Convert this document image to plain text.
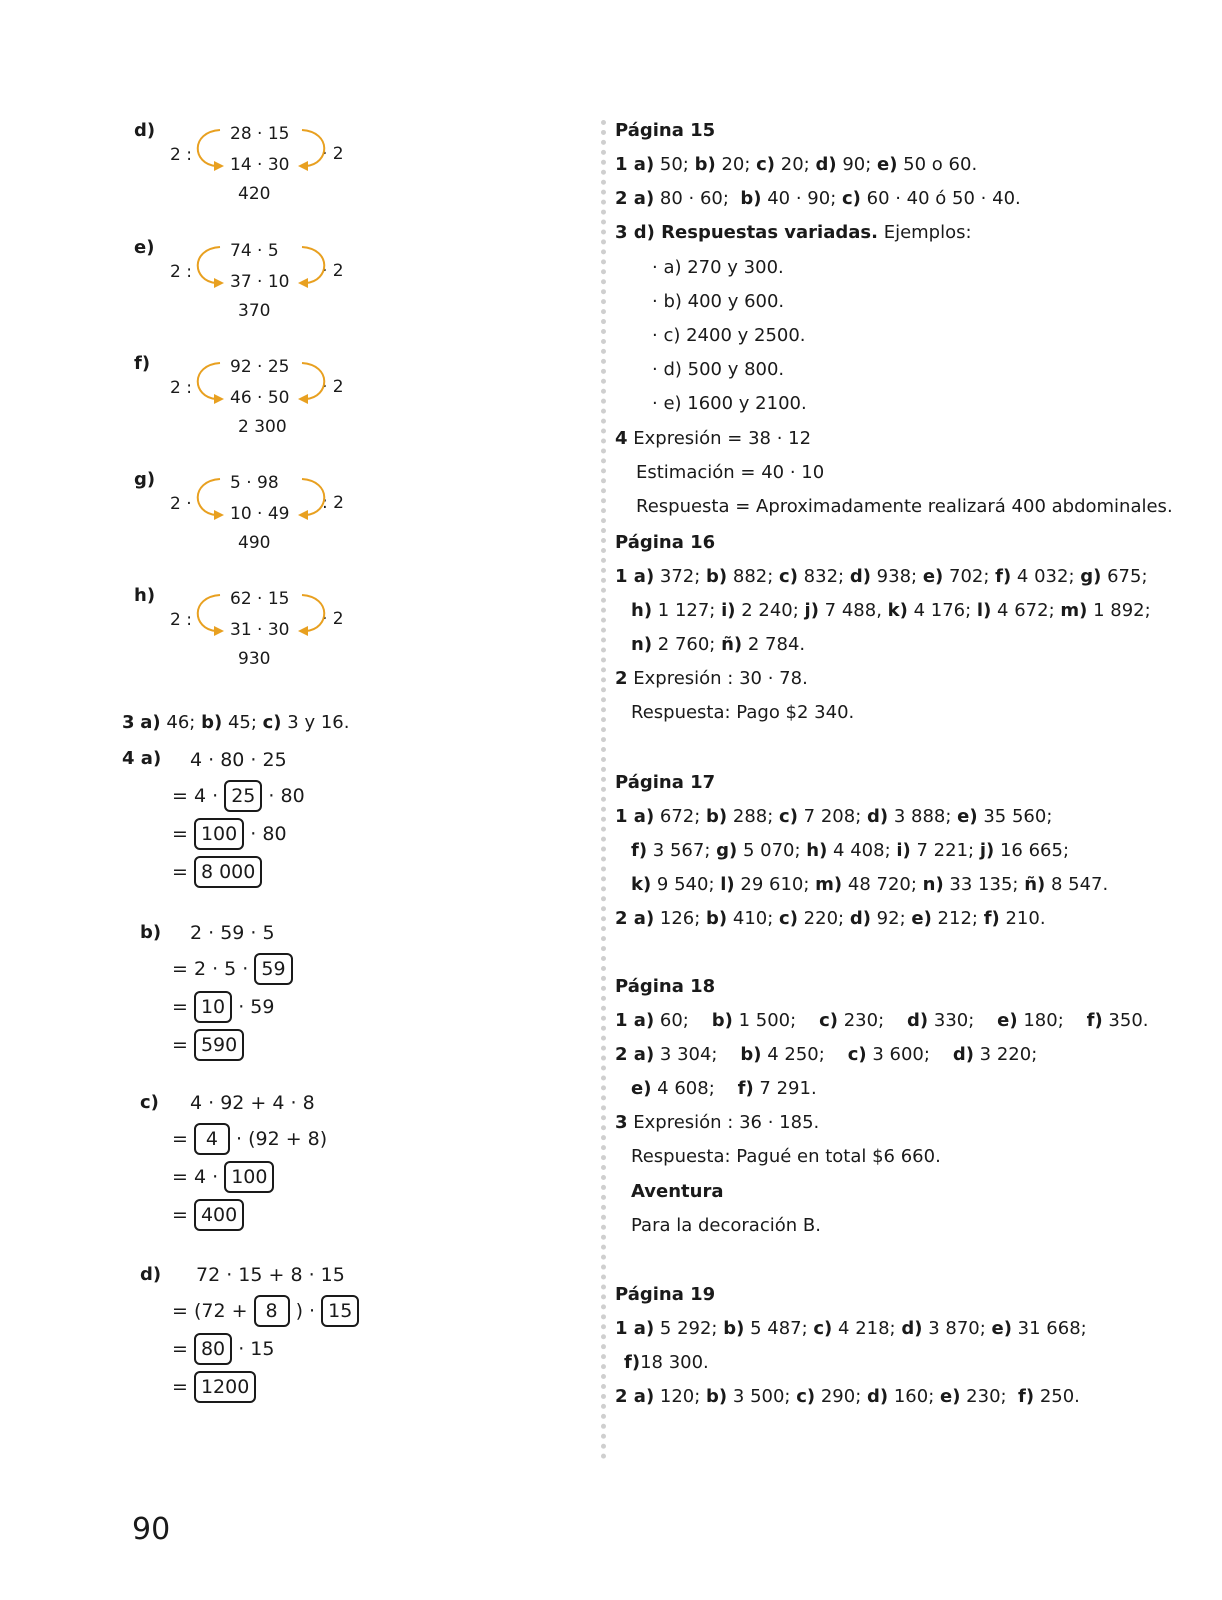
d)
2 :
28 · 15
14 · 30
· 2
420
e)
2 :
74 · 5
37 · 10
· 2
370
f)
2 :
92 · 25
46 · 50
· 2
2 300
g)
2 ·
5 · 98
10 · 49
: 2
490
h)
2 :
62 · 15
31 · 30
· 2
930
3 a) 46; b) 45; c) 3 y 16.
4 a) 4 · 80 · 25
= 4 · 25 · 80
= 100 · 80
= 8 000
b) 2 · 59 · 5
= 2 · 5 · 59
= 10 · 59
= 590
c) 4 · 92 + 4 · 8
= 4 · (92 + 8)
= 4 · 100
= 400
d) 72 · 15 + 8 · 15
= (72 + 8 ) · 15
= 80 · 15
= 1200
Página 15
1 a) 50; b) 20; c) 20; d) 90; e) 50 o 60.
2 a) 80 · 60;  b) 40 · 90; c) 60 · 40 ó 50 · 40.
3 d) Respuestas variadas. Ejemplos:
· a) 270 y 300.
· b) 400 y 600.
· c) 2400 y 2500.
· d) 500 y 800.
· e) 1600 y 2100.
4 Expresión = 38 · 12
Estimación = 40 · 10
Respuesta = Aproximadamente realizará 400 abdominales.
Página 16
1 a) 372; b) 882; c) 832; d) 938; e) 702; f) 4 032; g) 675;
h) 1 127; i) 2 240; j) 7 488, k) 4 176; l) 4 672; m) 1 892;
n) 2 760; ñ) 2 784.
2 Expresión : 30 · 78.
Respuesta: Pago $2 340.
Página 17
1 a) 672; b) 288; c) 7 208; d) 3 888; e) 35 560;
f) 3 567; g) 5 070; h) 4 408; i) 7 221; j) 16 665;
k) 9 540; l) 29 610; m) 48 720; n) 33 135; ñ) 8 547.
2 a) 126; b) 410; c) 220; d) 92; e) 212; f) 210.
Página 18
1 a) 60;    b) 1 500;    c) 230;    d) 330;    e) 180;    f) 350.
2 a) 3 304;    b) 4 250;    c) 3 600;    d) 3 220;
e) 4 608;    f) 7 291.
3 Expresión : 36 · 185.
Respuesta: Pagué en total $6 660.
Aventura
Para la decoración B.
Página 19
1 a) 5 292; b) 5 487; c) 4 218; d) 3 870; e) 31 668;
f)18 300.
2 a) 120; b) 3 500; c) 290; d) 160; e) 230;  f) 250.
90
